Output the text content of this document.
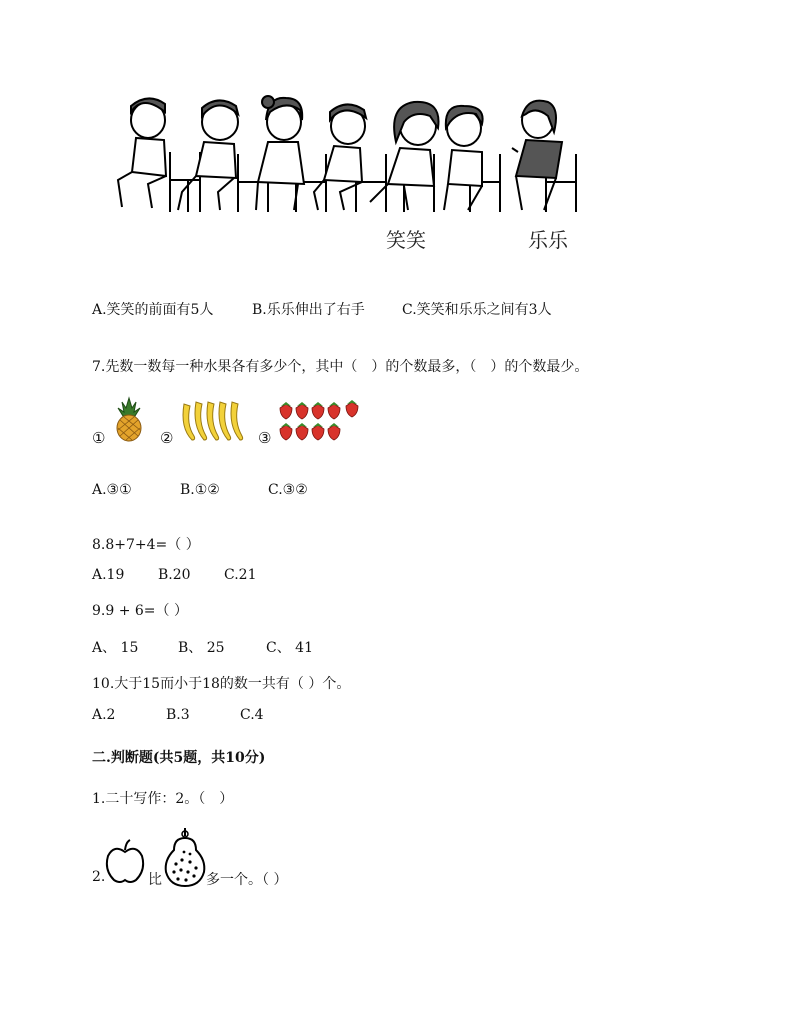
笑笑	乐乐
A.笑笑的前面有5人	B.乐乐伸出了右手	C.笑笑和乐乐之间有3人
7.先数一数每一种水果各有多少个，其中（　）的个数最多，（　）的个数最少。
①	②	③
A.③①	B.①②	C.③②
8.8+7+4=（ ）
A.19 B.20 C.21
9.9 + 6=（ ）
A、 15	B、 25	C、 41
10.大于15而小于18的数一共有（ ）个。
A.2	B.3	C.4
二.判断题(共5题，共10分)
1.二十写作：2。（　）
2.	比	多一个。（ ）
